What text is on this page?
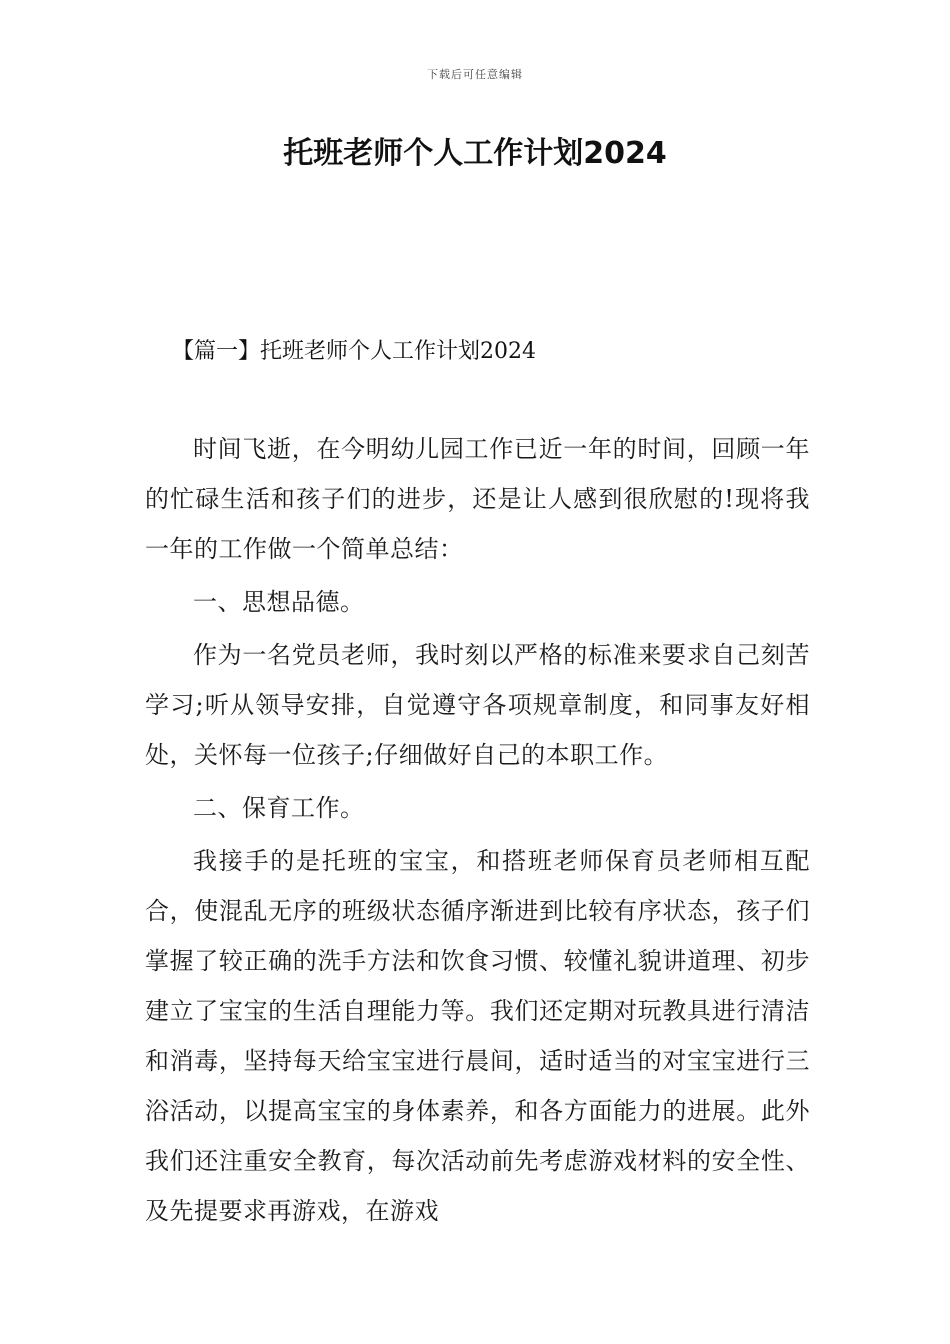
下载后可任意编辑
托班老师个人工作计划2024
【篇一】托班老师个人工作计划2024

时间飞逝，在今明幼儿园工作已近一年的时间，回顾一年的忙碌生活和孩子们的进步，还是让人感到很欣慰的!现将我一年的工作做一个简单总结：

一、思想品德。

作为一名党员老师，我时刻以严格的标准来要求自己刻苦学习;听从领导安排，自觉遵守各项规章制度，和同事友好相处，关怀每一位孩子;仔细做好自己的本职工作。

二、保育工作。

我接手的是托班的宝宝，和搭班老师保育员老师相互配合，使混乱无序的班级状态循序渐进到比较有序状态，孩子们掌握了较正确的洗手方法和饮食习惯、较懂礼貌讲道理、初步建立了宝宝的生活自理能力等。我们还定期对玩教具进行清洁和消毒，坚持每天给宝宝进行晨间，适时适当的对宝宝进行三浴活动，以提高宝宝的身体素养，和各方面能力的进展。此外我们还注重安全教育，每次活动前先考虑游戏材料的安全性、及先提要求再游戏，在游戏
